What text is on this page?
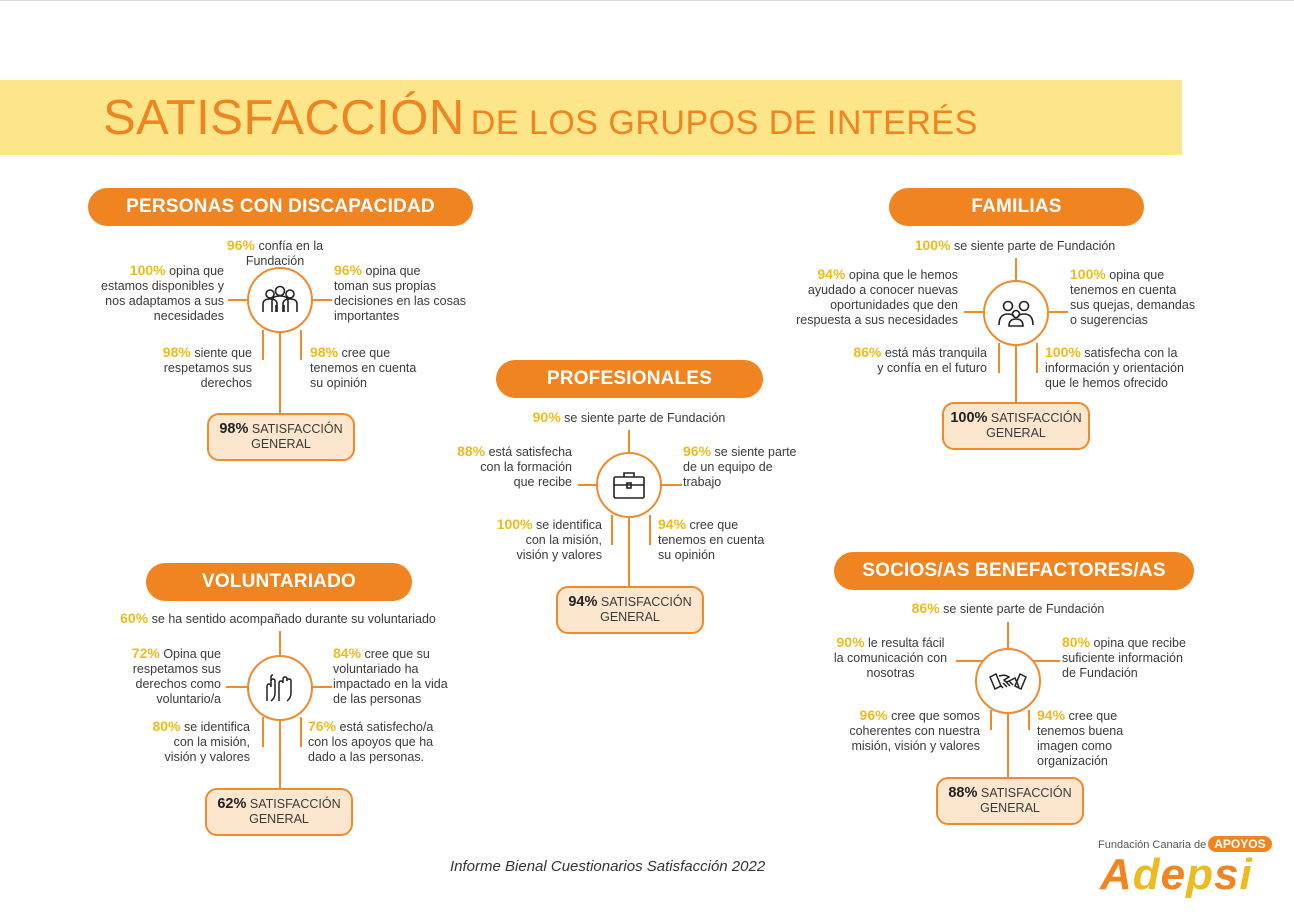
SATISFACCIÓN DE LOS GRUPOS DE INTERÉS
PERSONAS CON DISCAPACIDAD
96% confía en la
Fundación
100% opina que
estamos disponibles y
nos adaptamos a sus
necesidades
96% opina que
toman sus propias
decisiones en las cosas
importantes
98% siente que
respetamos sus
derechos
98% cree que
tenemos en cuenta
su opinión
98% SATISFACCIÓN
GENERAL
PROFESIONALES
90% se siente parte de Fundación
88% está satisfecha
con la formación
que recibe
96% se siente parte
de un equipo de
trabajo
100% se identifica
con la misión,
visión y valores
94% cree que
tenemos en cuenta
su opinión
94% SATISFACCIÓN
GENERAL
FAMILIAS
100% se siente parte de Fundación
94% opina que le hemos
ayudado a conocer nuevas
oportunidades que den
respuesta a sus necesidades
100% opina que
tenemos en cuenta
sus quejas, demandas
o sugerencias
86% está más tranquila
y confía en el futuro
100% satisfecha con la
información y orientación
que le hemos ofrecido
100% SATISFACCIÓN
GENERAL
VOLUNTARIADO
60% se ha sentido acompañado durante su voluntariado
72% Opina que
respetamos sus
derechos como
voluntario/a
84% cree que su
voluntariado ha
impactado en la vida
de las personas
80% se identifica
con la misión,
visión y valores
76% está satisfecho/a
con los apoyos que ha
dado a las personas.
62% SATISFACCIÓN
GENERAL
SOCIOS/AS BENEFACTORES/AS
86% se siente parte de Fundación
90% le resulta fácil
la comunicación con
nosotras
80% opina que recibe
suficiente información
de Fundación
96% cree que somos
coherentes con nuestra
misión, visión y valores
94% cree que
tenemos buena
imagen como
organización
88% SATISFACCIÓN
GENERAL
Informe Bienal Cuestionarios Satisfacción 2022
Fundación Canaria de APOYOS
Adepsi
